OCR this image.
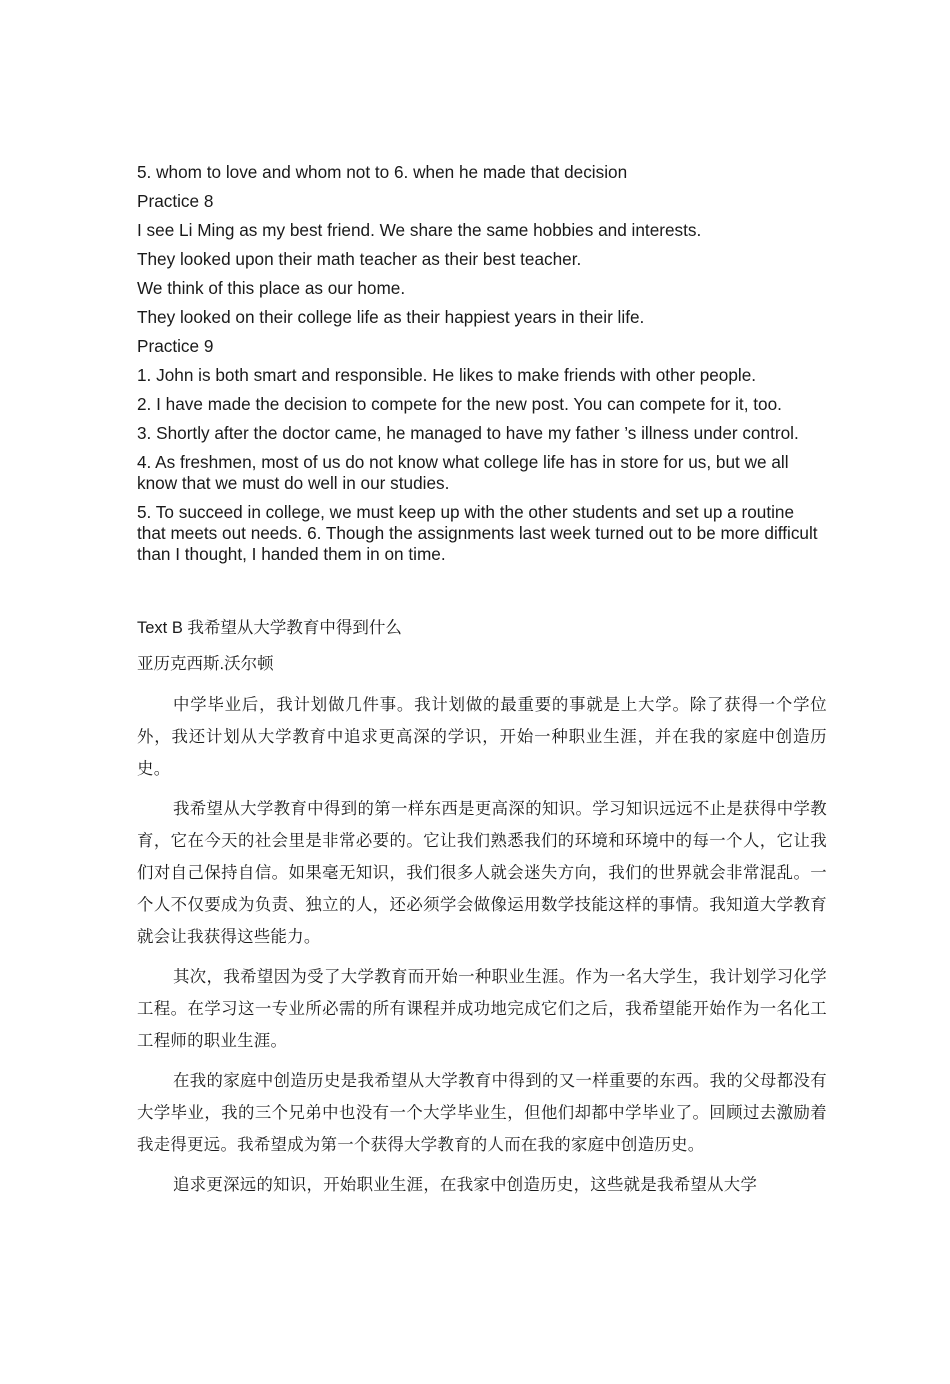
5. whom to love and whom not to 6. when he made that decision

Practice 8

I see Li Ming as my best friend. We share the same hobbies and interests.

They looked upon their math teacher as their best teacher.

We think of this place as our home.

They looked on their college life as their happiest years in their life.

Practice 9

1. John is both smart and responsible. He likes to make friends with other people.

2. I have made the decision to compete for the new post. You can compete for it, too.

3. Shortly after the doctor came, he managed to have my father ’s illness under control.

4. As freshmen, most of us do not know what college life has in store for us, but we all know that we must do well in our studies.

5. To succeed in college, we must keep up with the other students and set up a routine that meets out needs. 6. Though the assignments last week turned out to be more difficult than I thought, I handed them in on time.

Text B 我希望从大学教育中得到什么

亚历克西斯.沃尔顿

中学毕业后，我计划做几件事。我计划做的最重要的事就是上大学。除了获得一个学位外，我还计划从大学教育中追求更高深的学识，开始一种职业生涯，并在我的家庭中创造历史。

我希望从大学教育中得到的第一样东西是更高深的知识。学习知识远远不止是获得中学教育，它在今天的社会里是非常必要的。它让我们熟悉我们的环境和环境中的每一个人，它让我们对自己保持自信。如果毫无知识，我们很多人就会迷失方向，我们的世界就会非常混乱。一个人不仅要成为负责、独立的人，还必须学会做像运用数学技能这样的事情。我知道大学教育就会让我获得这些能力。

其次，我希望因为受了大学教育而开始一种职业生涯。作为一名大学生，我计划学习化学工程。在学习这一专业所必需的所有课程并成功地完成它们之后，我希望能开始作为一名化工工程师的职业生涯。

在我的家庭中创造历史是我希望从大学教育中得到的又一样重要的东西。我的父母都没有大学毕业，我的三个兄弟中也没有一个大学毕业生，但他们却都中学毕业了。回顾过去激励着我走得更远。我希望成为第一个获得大学教育的人而在我的家庭中创造历史。

追求更深远的知识，开始职业生涯，在我家中创造历史，这些就是我希望从大学
